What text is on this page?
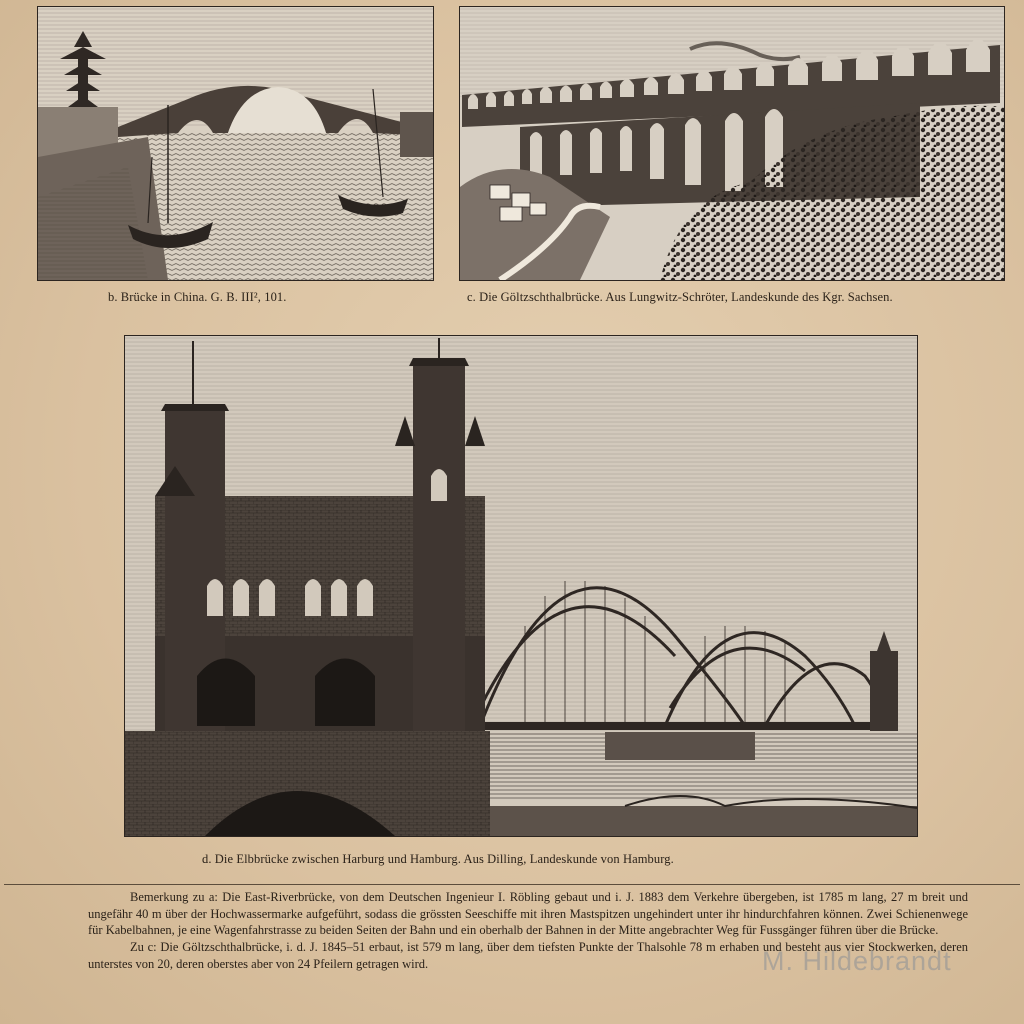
b. Brücke in China. G. B. III², 101.	c. Die Göltzschthalbrücke. Aus Lungwitz-Schröter, Landeskunde des Kgr. Sachsen.
d. Die Elbbrücke zwischen Harburg und Hamburg. Aus Dilling, Landeskunde von Hamburg.

Bemerkung zu a: Die East-Riverbrücke, von dem Deutschen Ingenieur I. Röbling gebaut und i. J. 1883 dem Verkehre übergeben, ist 1785 m lang, 27 m breit und ungefähr 40 m über der Hochwassermarke aufgeführt, sodass die grössten Seeschiffe mit ihren Mastspitzen ungehindert unter ihr hindurchfahren können. Zwei Schienenwege für Kabelbahnen, je eine Wagenfahrstrasse zu beiden Seiten der Bahn und ein oberhalb der Bahnen in der Mitte angebrachter Weg für Fussgänger führen über die Brücke.

Zu c: Die Göltzschthalbrücke, i. d. J. 1845–51 erbaut, ist 579 m lang, über dem tiefsten Punkte der Thalsohle 78 m erhaben und besteht aus vier Stockwerken, deren unterstes von 20, deren oberstes aber von 24 Pfeilern getragen wird.	M. Hildebrandt
